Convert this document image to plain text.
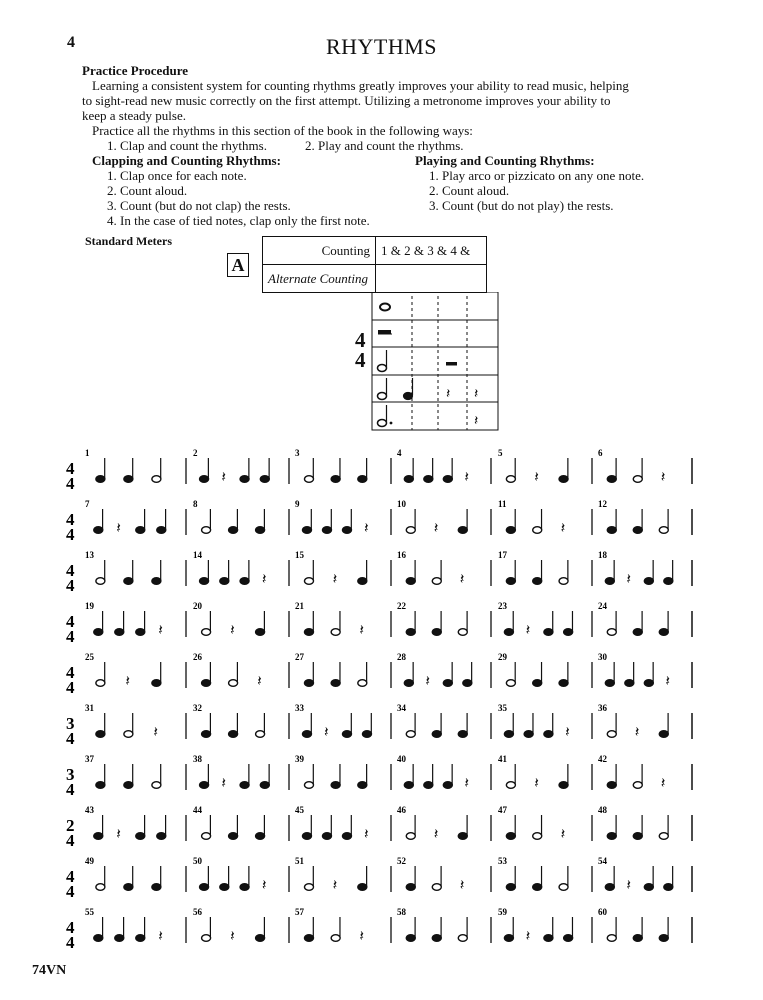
4	RHYTHMS
Practice Procedure
Learning a consistent system for counting rhythms greatly improves your ability to read music, helping
to sight-read new music correctly on the first attempt. Utilizing a metronome improves your ability to
keep a steady pulse.
Practice all the rhythms in this section of the book in the following ways:
1. Clap and count the rhythms.	2. Play and count the rhythms.
Clapping and Counting Rhythms:
1. Clap once for each note.
2. Count aloud.
3. Count (but do not clap) the rests.
4. In the case of tied notes, clap only the first note.
Playing and Counting Rhythms:
1. Play arco or pizzicato on any one note.
2. Count aloud.
3. Count (but do not play) the rests.
Standard Meters
A
Counting	1 & 2 & 3 & 4 &
Alternate Counting	
4
4
𝄽 𝄽
𝄽
4
4
1	2
𝄽
3	4
𝄽
5
𝄽
6
𝄽
4
4
7
𝄽
8	9
𝄽
10
𝄽
11
𝄽
12
4
4
13	14
𝄽
15
𝄽
16
𝄽
17	18
𝄽
4
4
19
𝄽
20
𝄽
21
𝄽
22	23
𝄽
24
4
4
25
𝄽
26
𝄽
27	28
𝄽
29	30
𝄽
3
4
31
𝄽
32	33
𝄽
34	35
𝄽
36
𝄽
3
4
37	38
𝄽
39	40
𝄽
41
𝄽
42
𝄽
2
4
43
𝄽
44	45
𝄽
46
𝄽
47
𝄽
48
4
4
49	50
𝄽
51
𝄽
52
𝄽
53	54
𝄽
4
4
55
𝄽
56
𝄽
57
𝄽
58	59
𝄽
60
74VN
